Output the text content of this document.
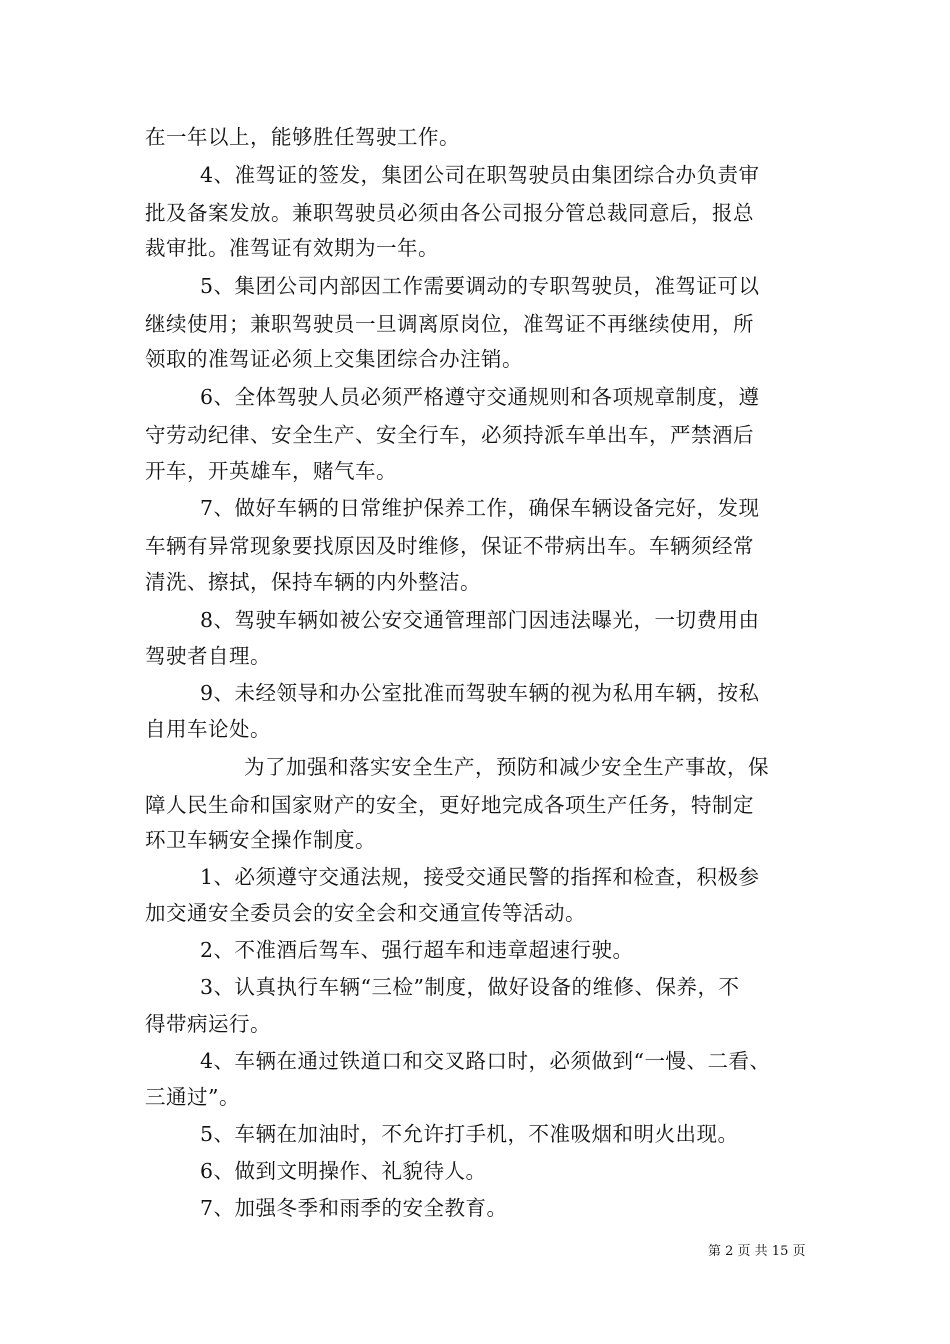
在一年以上，能够胜任驾驶工作。
4、准驾证的签发，集团公司在职驾驶员由集团综合办负责审
批及备案发放。兼职驾驶员必须由各公司报分管总裁同意后，报总
裁审批。准驾证有效期为一年。
5、集团公司内部因工作需要调动的专职驾驶员，准驾证可以
继续使用；兼职驾驶员一旦调离原岗位，准驾证不再继续使用，所
领取的准驾证必须上交集团综合办注销。
6、全体驾驶人员必须严格遵守交通规则和各项规章制度，遵
守劳动纪律、安全生产、安全行车，必须持派车单出车，严禁酒后
开车，开英雄车，赌气车。
7、做好车辆的日常维护保养工作，确保车辆设备完好，发现
车辆有异常现象要找原因及时维修，保证不带病出车。车辆须经常
清洗、擦拭，保持车辆的内外整洁。
8、驾驶车辆如被公安交通管理部门因违法曝光，一切费用由
驾驶者自理。
9、未经领导和办公室批准而驾驶车辆的视为私用车辆，按私
自用车论处。
为了加强和落实安全生产，预防和减少安全生产事故，保
障人民生命和国家财产的安全，更好地完成各项生产任务，特制定
环卫车辆安全操作制度。
1、必须遵守交通法规，接受交通民警的指挥和检查，积极参
加交通安全委员会的安全会和交通宣传等活动。
2、不准酒后驾车、强行超车和违章超速行驶。
3、认真执行车辆“三检”制度，做好设备的维修、保养，不
得带病运行。
4、车辆在通过铁道口和交叉路口时，必须做到“一慢、二看、
三通过”。
5、车辆在加油时，不允许打手机，不准吸烟和明火出现。
6、做到文明操作、礼貌待人。
7、加强冬季和雨季的安全教育。
第 2 页 共 15 页
